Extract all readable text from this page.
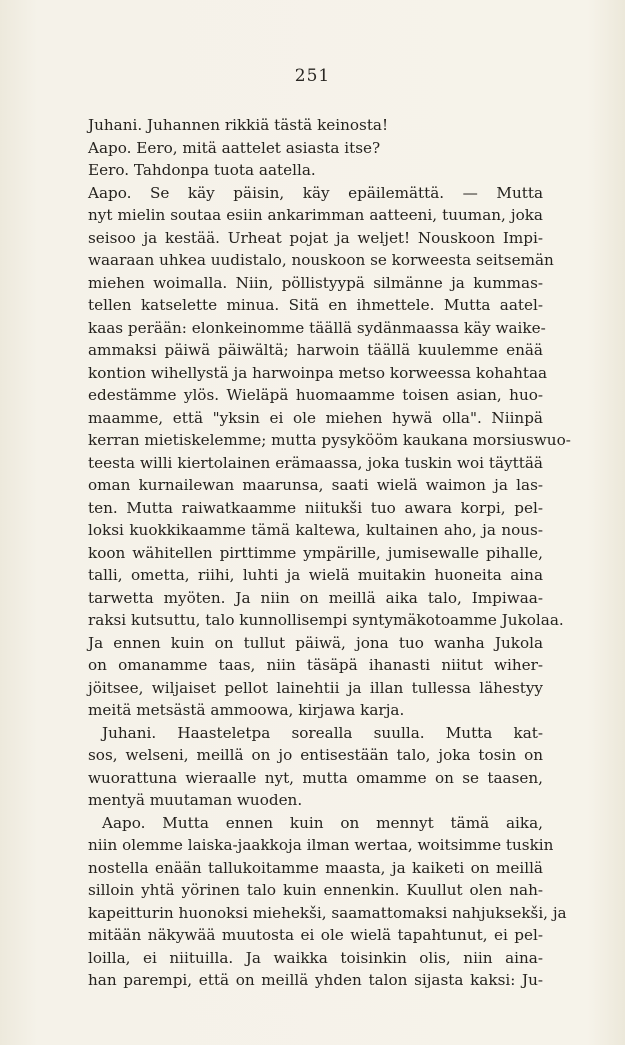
251
Juhani. Juhannen rikkiä tästä keinosta!
Aapo. Eero, mitä aattelet asiasta itse?
Eero. Tahdonpa tuota aatella.
Aapo. Se käy päisin, käy epäilemättä. — Mutta
nyt mielin soutaa esiin ankarimman aatteeni, tuuman, joka
seisoo ja kestää. Urheat pojat ja weljet! Nouskoon Impi-
waaraan uhkea uudistalo, nouskoon se korweesta seitsemän
miehen woimalla. Niin, pöllistyypä silmänne ja kummas-
tellen katselette minua. Sitä en ihmettele. Mutta aatel-
kaas perään: elonkeinomme täällä sydänmaassa käy waike-
ammaksi päiwä päiwältä; harwoin täällä kuulemme enää
kontion wihellystä ja harwoinpa metso korweessa kohahtaa
edestämme ylös. Wieläpä huomaamme toisen asian, huo-
maamme, että "yksin ei ole miehen hywä olla". Niinpä
kerran mietiskelemme; mutta pysykööm kaukana morsiuswuo-
teesta willi kiertolainen erämaassa, joka tuskin woi täyttää
oman kurnailewan maarunsa, saati wielä waimon ja las-
ten. Mutta raiwatkaamme niitukši tuo awara korpi, pel-
loksi kuokkikaamme tämä kaltewa, kultainen aho, ja nous-
koon wähitellen pirttimme ympärille, jumisewalle pihalle,
talli, ometta, riihi, luhti ja wielä muitakin huoneita aina
tarwetta myöten. Ja niin on meillä aika talo, Impiwaa-
raksi kutsuttu, talo kunnollisempi syntymäkotoamme Jukolaa.
Ja ennen kuin on tullut päiwä, jona tuo wanha Jukola
on omanamme taas, niin täsäpä ihanasti niitut wiher-
jöitsee, wiljaiset pellot lainehtii ja illan tullessa lähestyy
meitä metsästä ammoowa, kirjawa karja.
Juhani. Haasteletpa sorealla suulla. Mutta kat-
sos, welseni, meillä on jo entisestään talo, joka tosin on
wuorattuna wieraalle nyt, mutta omamme on se taasen,
mentyä muutaman wuoden.
Aapo. Mutta ennen kuin on mennyt tämä aika,
niin olemme laiska-jaakkoja ilman wertaa, woitsimme tuskin
nostella enään tallukoitamme maasta, ja kaiketi on meillä
silloin yhtä yörinen talo kuin ennenkin. Kuullut olen nah-
kapeitturin huonoksi miehekši, saamattomaksi nahjuksekši, ja
mitään näkywää muutosta ei ole wielä tapahtunut, ei pel-
loilla, ei niituilla. Ja waikka toisinkin olis, niin aina-
han parempi, että on meillä yhden talon sijasta kaksi: Ju-
